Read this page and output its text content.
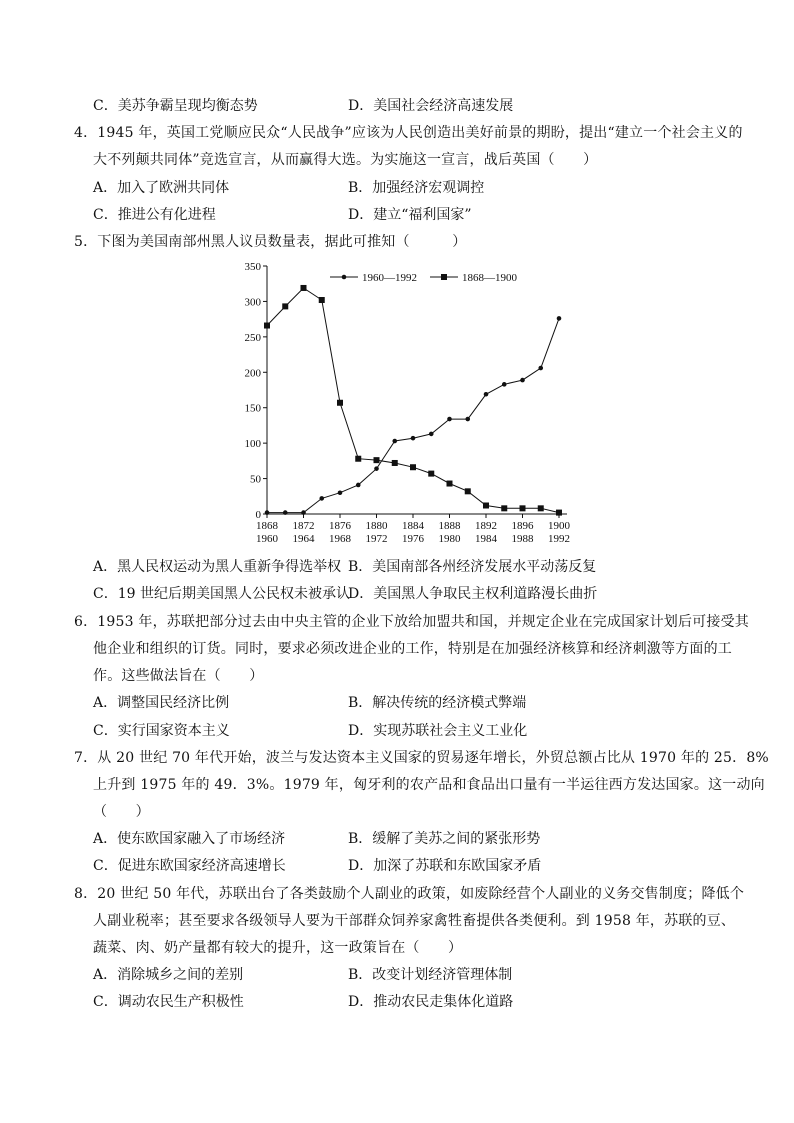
C．美苏争霸呈现均衡态势	D．美国社会经济高速发展
4．1945 年，英国工党顺应民众“人民战争”应该为人民创造出美好前景的期盼，提出“建立一个社会主义的
大不列颠共同体”竞选宣言，从而赢得大选。为实施这一宣言，战后英国（　　）
A．加入了欧洲共同体	B．加强经济宏观调控
C．推进公有化进程	D．建立“福利国家”
5．下图为美国南部州黑人议员数量表，据此可推知（　　　）
0
50
100
150
200
250
300
350
1868
1960
1872
1964
1876
1968
1880
1972
1884
1976
1888
1980
1892
1984
1896
1988
1900
1992
1960—1992	1868—1900
A．黑人民权运动为黑人重新争得选举权 B．美国南部各州经济发展水平动荡反复
C．19 世纪后期美国黑人公民权未被承认
D．美国黑人争取民主权利道路漫长曲折
6．1953 年，苏联把部分过去由中央主管的企业下放给加盟共和国，并规定企业在完成国家计划后可接受其
他企业和组织的订货。同时，要求必须改进企业的工作，特别是在加强经济核算和经济刺激等方面的工
作。这些做法旨在（　　）
A．调整国民经济比例	B．解决传统的经济模式弊端
C．实行国家资本主义	D．实现苏联社会主义工业化
7．从 20 世纪 70 年代开始，波兰与发达资本主义国家的贸易逐年增长，外贸总额占比从 1970 年的 25．8%
上升到 1975 年的 49．3%。1979 年，匈牙利的农产品和食品出口量有一半运往西方发达国家。这一动向
（　　）
A．使东欧国家融入了市场经济	B．缓解了美苏之间的紧张形势
C．促进东欧国家经济高速增长	D．加深了苏联和东欧国家矛盾
8．20 世纪 50 年代，苏联出台了各类鼓励个人副业的政策，如废除经营个人副业的义务交售制度；降低个
人副业税率；甚至要求各级领导人要为干部群众饲养家禽牲畜提供各类便利。到 1958 年，苏联的豆、
蔬菜、肉、奶产量都有较大的提升，这一政策旨在（　　）
A．消除城乡之间的差别	B．改变计划经济管理体制
C．调动农民生产积极性	D．推动农民走集体化道路
